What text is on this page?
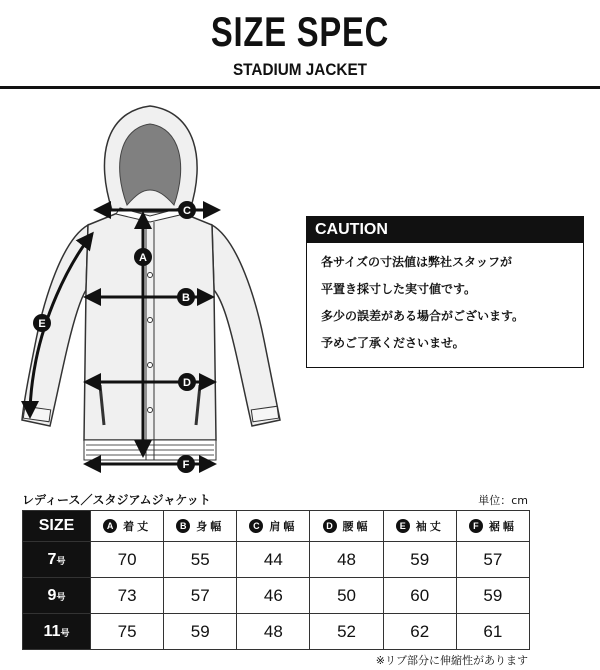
SIZE SPEC
STADIUM JACKET
A
B
C
D
E
F
CAUTION
各サイズの寸法値は弊社スタッフが
平置き採寸した実寸値です。
多少の誤差がある場合がございます。
予めご了承くださいませ。
レディース／スタジアムジャケット	単位：cm
SIZE	A 着丈	B 身幅	C 肩幅	D 腰幅	E 袖丈	F 裾幅
7号	70	55	44	48	59	57
9号	73	57	46	50	60	59
11号	75	59	48	52	62	61
※リブ部分に伸縮性があります
